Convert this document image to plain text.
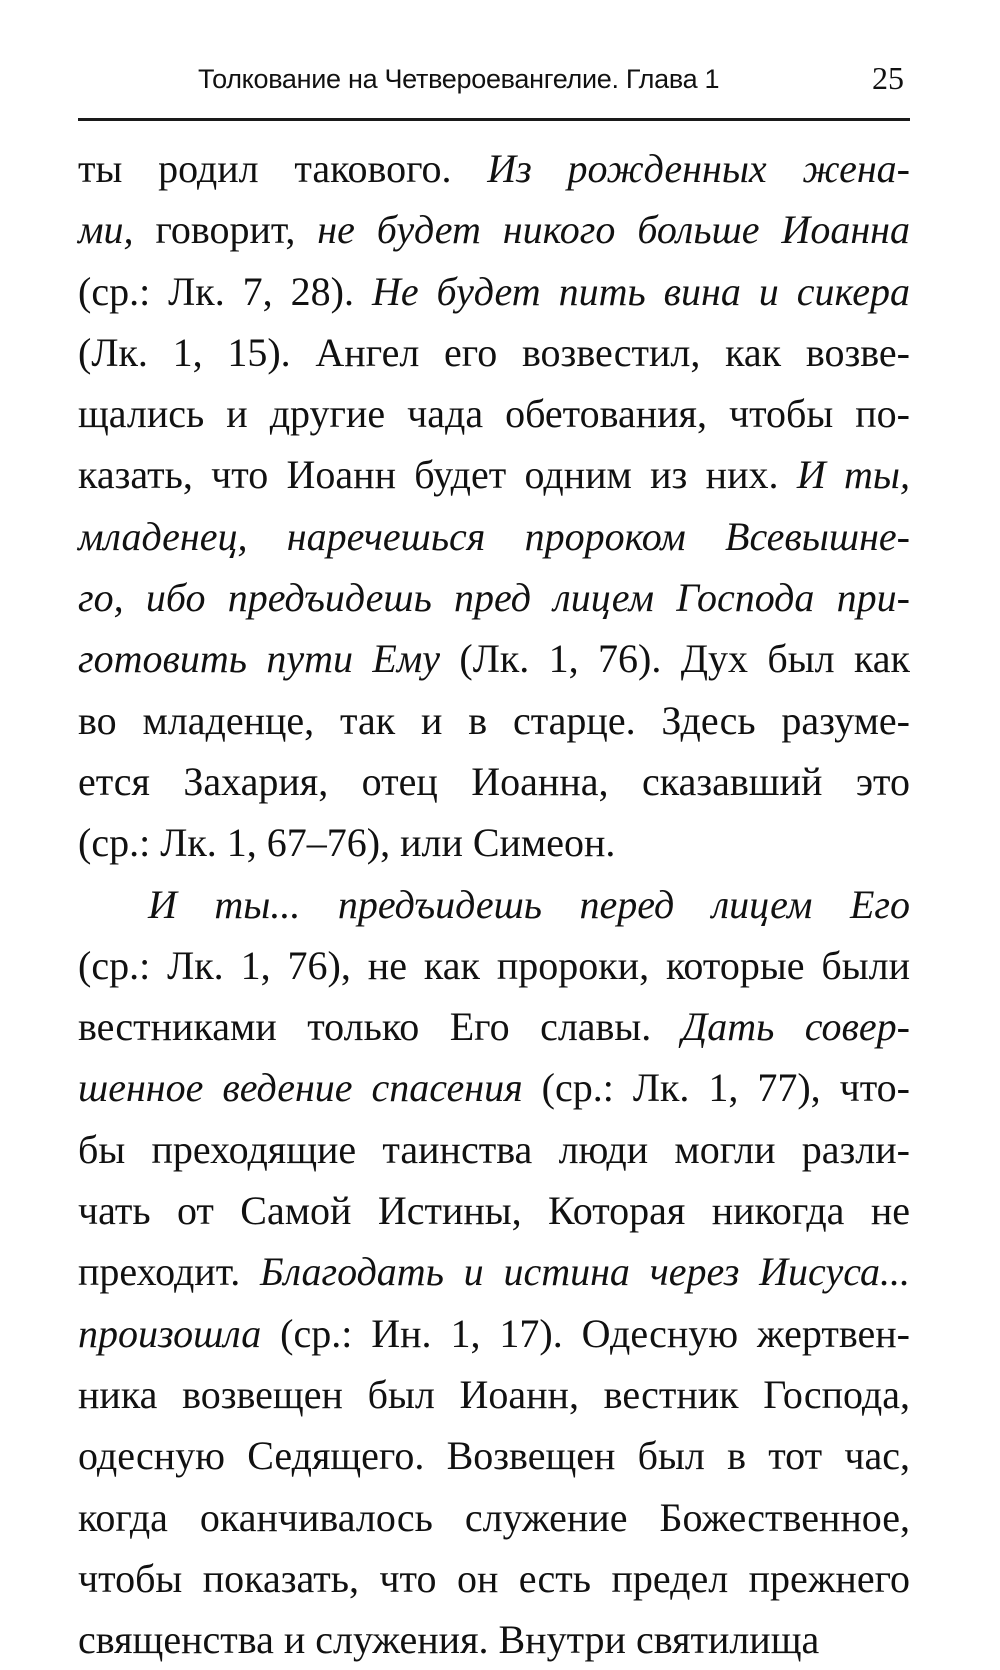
Толкование на Четвероевангелие. Глава 1	25
ты родил такового. Из рожденных жена-
ми, говорит, не будет никого больше Иоанна
(ср.: Лк. 7, 28). Не будет пить вина и сикера
(Лк. 1, 15). Ангел его возвестил, как возве-
щались и другие чада обетования, чтобы по-
казать, что Иоанн будет одним из них. И ты,
младенец, наречешься пророком Всевышне-
го, ибо предъидешь пред лицем Господа при-
готовить пути Ему (Лк. 1, 76). Дух был как
во младенце, так и в старце. Здесь разуме-
ется Захария, отец Иоанна, сказавший это
(ср.: Лк. 1, 67–76), или Симеон.
И ты... предъидешь перед лицем Его
(ср.: Лк. 1, 76), не как пророки, которые были
вестниками только Его славы. Дать совер-
шенное ведение спасения (ср.: Лк. 1, 77), что-
бы преходящие таинства люди могли разли-
чать от Самой Истины, Которая никогда не
преходит. Благодать и истина через Иисуса...
произошла (ср.: Ин. 1, 17). Одесную жертвен-
ника возвещен был Иоанн, вестник Господа,
одесную Седящего. Возвещен был в тот час,
когда оканчивалось служение Божественное,
чтобы показать, что он есть предел прежнего
священства и служения. Внутри святилища
